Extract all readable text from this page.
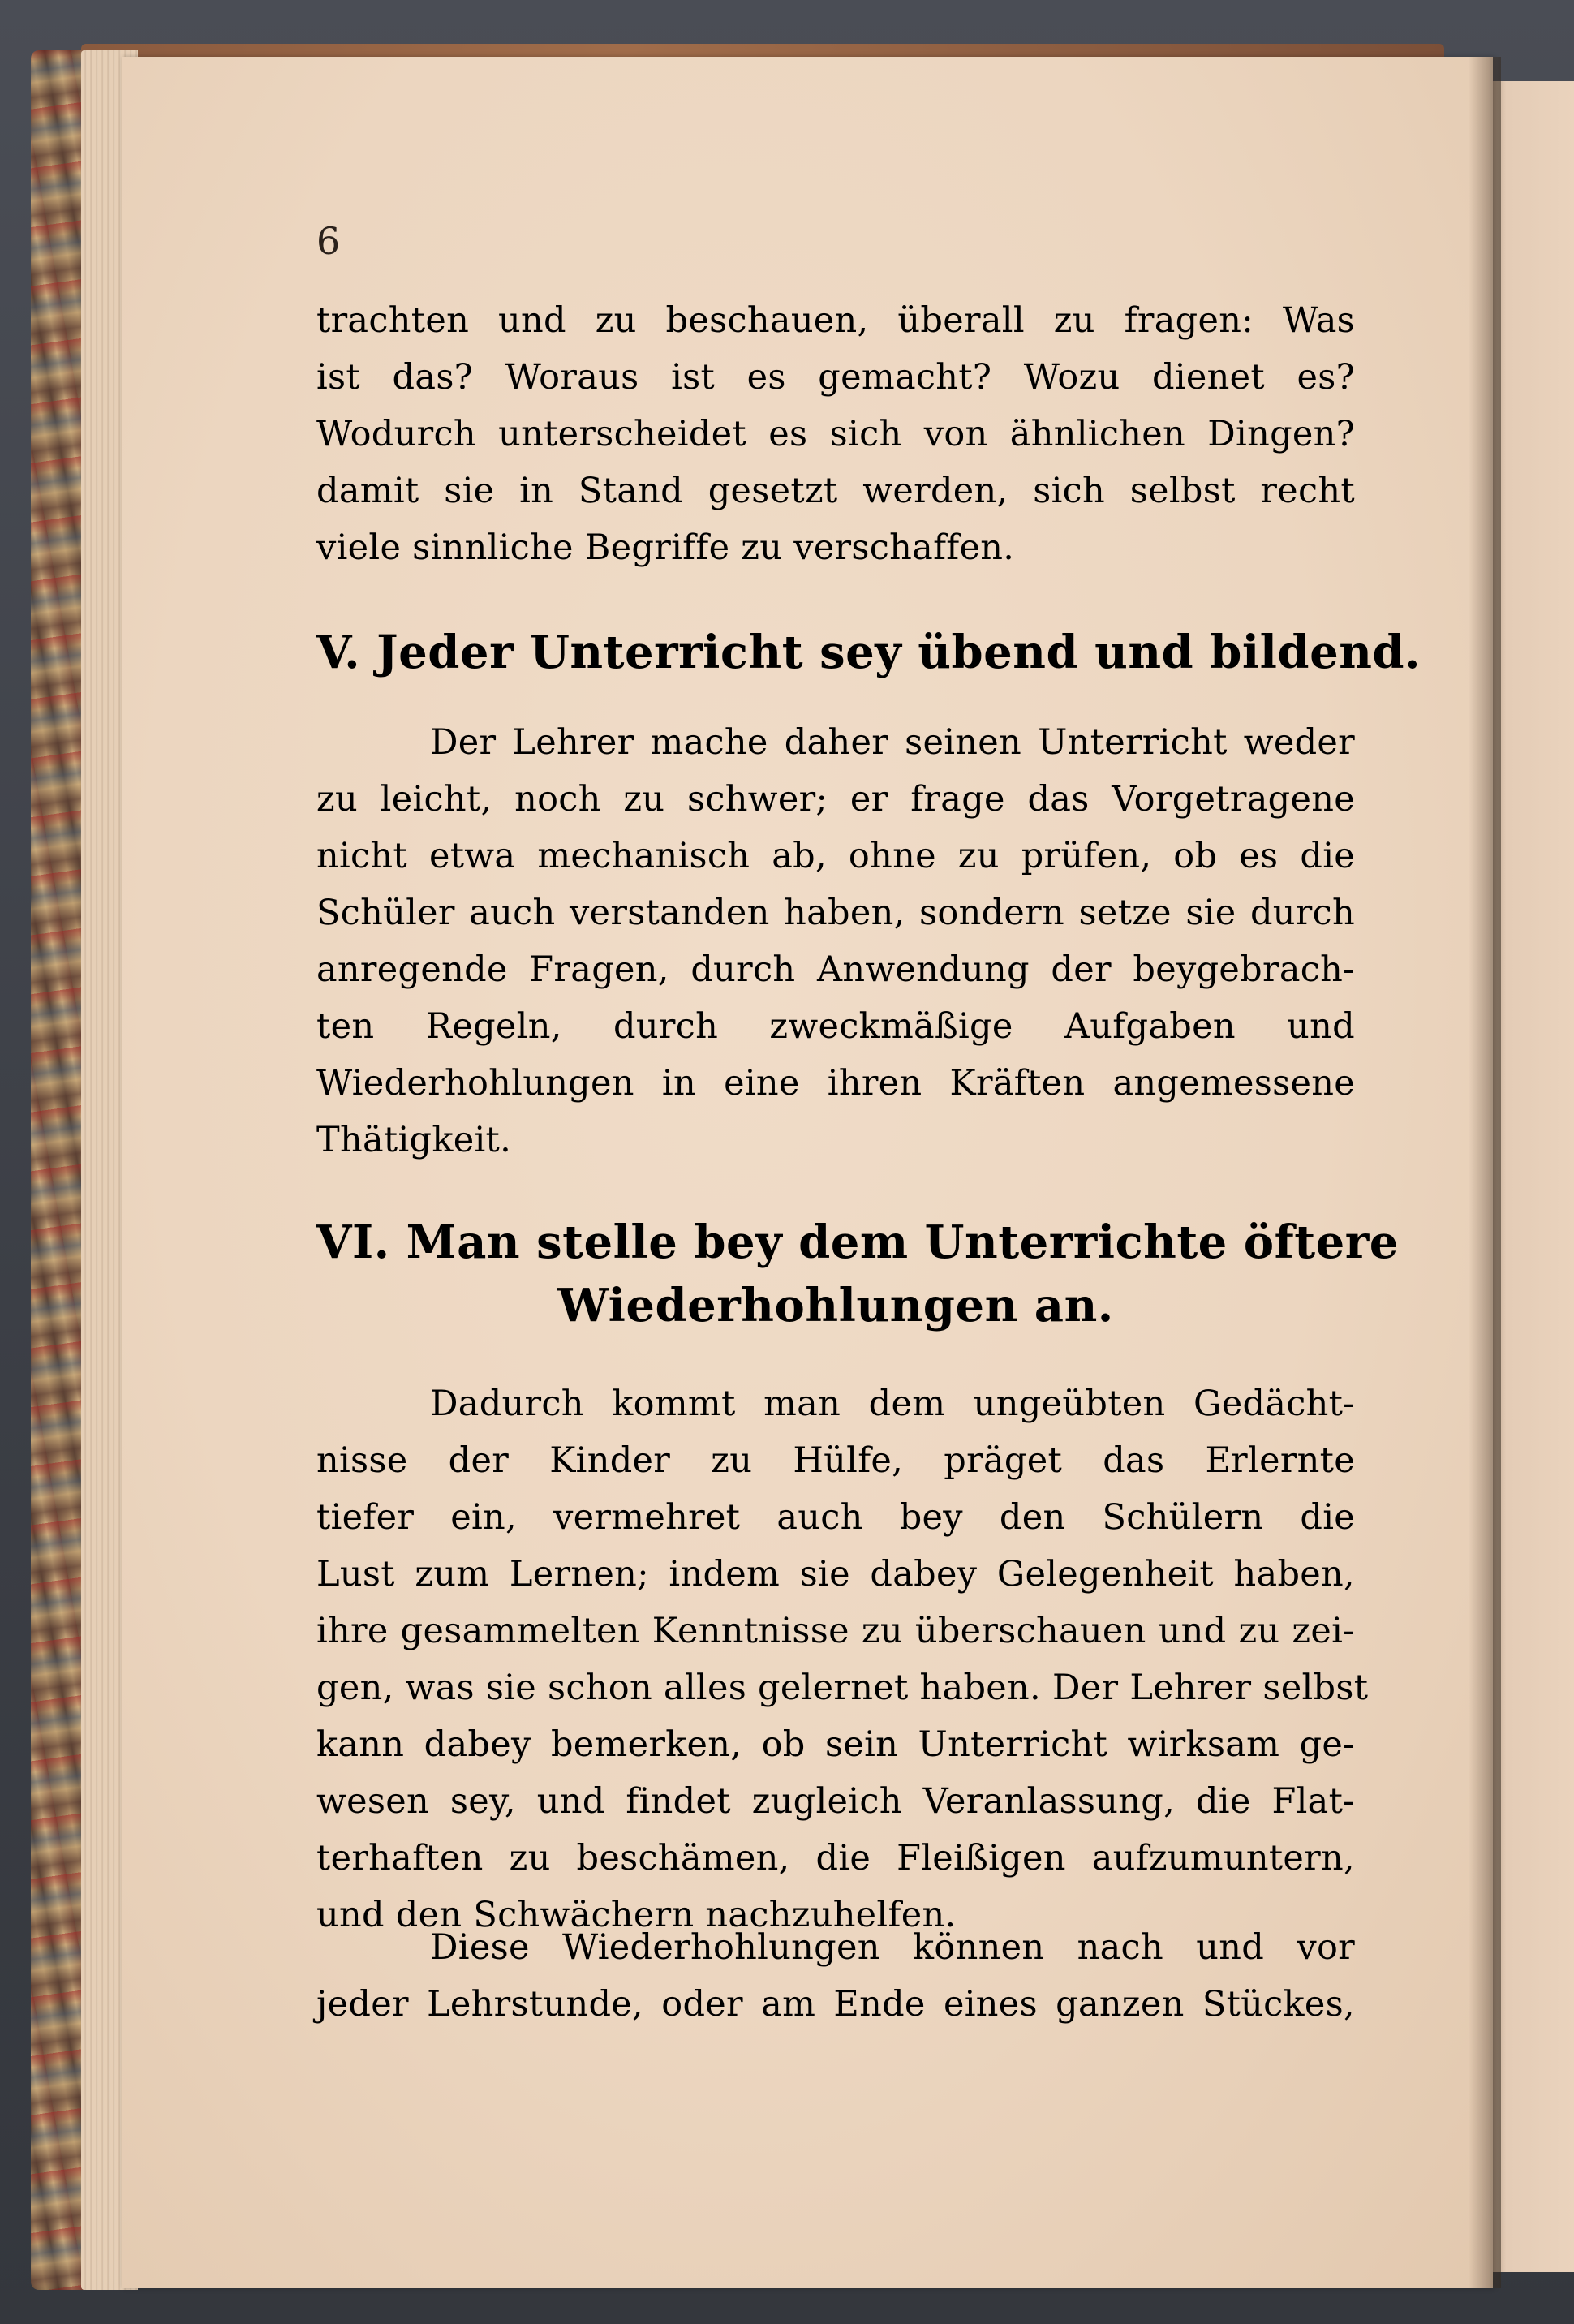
6
trachten und zu beschauen, überall zu fragen: Was
ist das? Woraus ist es gemacht? Wozu dienet es?
Wodurch unterscheidet es sich von ähnlichen Dingen?
damit sie in Stand gesetzt werden, sich selbst recht
viele sinnliche Begriffe zu verschaffen.
V. Jeder Unterricht sey übend und bildend.
Der Lehrer mache daher seinen Unterricht weder
zu leicht, noch zu schwer; er frage das Vorgetragene
nicht etwa mechanisch ab, ohne zu prüfen, ob es die
Schüler auch verstanden haben, sondern setze sie durch
anregende Fragen, durch Anwendung der beygebrach-
ten Regeln, durch zweckmäßige Aufgaben und
Wiederhohlungen in eine ihren Kräften angemessene
Thätigkeit.
VI. Man stelle bey dem Unterrichte öftere
Wiederhohlungen an.
Dadurch kommt man dem ungeübten Gedächt-
nisse der Kinder zu Hülfe, präget das Erlernte
tiefer ein, vermehret auch bey den Schülern die
Lust zum Lernen; indem sie dabey Gelegenheit haben,
ihre gesammelten Kenntnisse zu überschauen und zu zei-
gen, was sie schon alles gelernet haben. Der Lehrer selbst
kann dabey bemerken, ob sein Unterricht wirksam ge-
wesen sey, und findet zugleich Veranlassung, die Flat-
terhaften zu beschämen, die Fleißigen aufzumuntern,
und den Schwächern nachzuhelfen.
Diese Wiederhohlungen können nach und vor
jeder Lehrstunde, oder am Ende eines ganzen Stückes,
